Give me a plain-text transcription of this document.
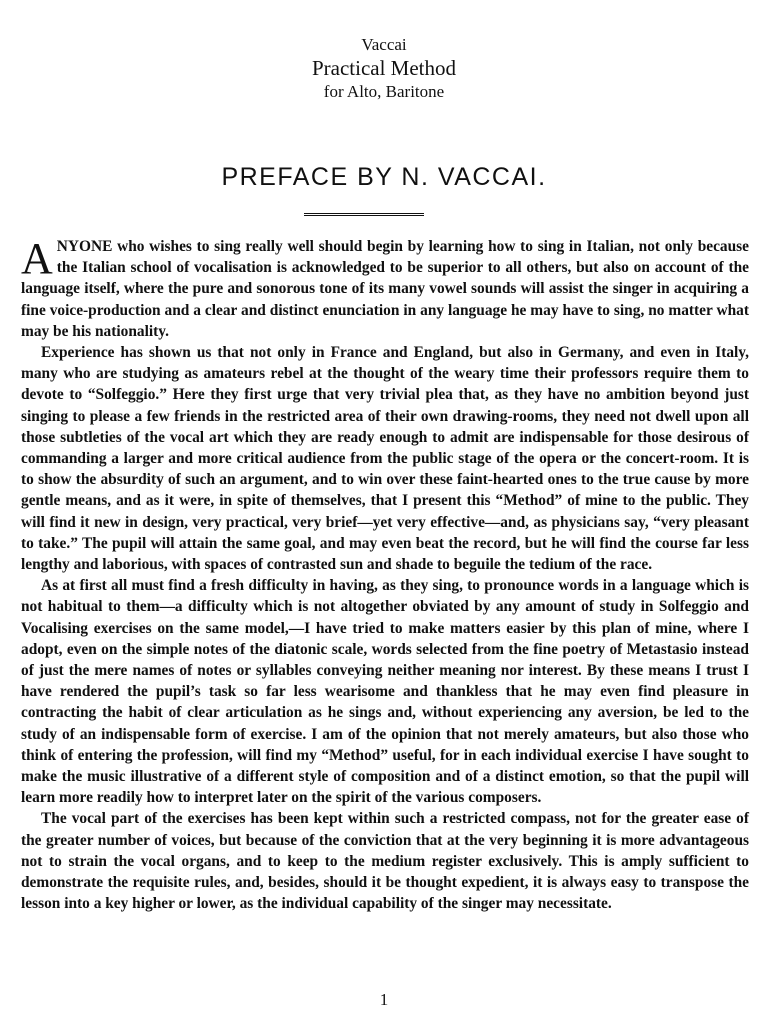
Vaccai
Practical Method
for Alto, Baritone
PREFACE BY N. VACCAI.

ANYONE who wishes to sing really well should begin by learning how to sing in Italian, not only because the Italian school of vocalisation is acknowledged to be superior to all others, but also on account of the language itself, where the pure and sonorous tone of its many vowel sounds will assist the singer in acquiring a fine voice-production and a clear and distinct enunciation in any language he may have to sing, no matter what may be his nationality.

Experience has shown us that not only in France and England, but also in Germany, and even in Italy, many who are studying as amateurs rebel at the thought of the weary time their professors require them to devote to “Solfeggio.” Here they first urge that very trivial plea that, as they have no ambition beyond just singing to please a few friends in the restricted area of their own drawing-rooms, they need not dwell upon all those subtleties of the vocal art which they are ready enough to admit are indispensable for those desirous of commanding a larger and more critical audience from the public stage of the opera or the concert-room. It is to show the absurdity of such an argument, and to win over these faint-hearted ones to the true cause by more gentle means, and as it were, in spite of themselves, that I present this “Method” of mine to the public. They will find it new in design, very practical, very brief—yet very effective—and, as physicians say, “very pleasant to take.” The pupil will attain the same goal, and may even beat the record, but he will find the course far less lengthy and laborious, with spaces of contrasted sun and shade to beguile the tedium of the race.

As at first all must find a fresh difficulty in having, as they sing, to pronounce words in a language which is not habitual to them—a difficulty which is not altogether obviated by any amount of study in Solfeggio and Vocalising exercises on the same model,—I have tried to make matters easier by this plan of mine, where I adopt, even on the simple notes of the diatonic scale, words selected from the fine poetry of Metastasio instead of just the mere names of notes or syllables conveying neither meaning nor interest. By these means I trust I have rendered the pupil’s task so far less wearisome and thankless that he may even find pleasure in contracting the habit of clear articulation as he sings and, without experiencing any aversion, be led to the study of an indispensable form of exercise. I am of the opinion that not merely amateurs, but also those who think of entering the profession, will find my “Method” useful, for in each individual exercise I have sought to make the music illustrative of a different style of composition and of a distinct emotion, so that the pupil will learn more readily how to interpret later on the spirit of the various composers.

The vocal part of the exercises has been kept within such a restricted compass, not for the greater ease of the greater number of voices, but because of the conviction that at the very beginning it is more advantageous not to strain the vocal organs, and to keep to the medium register exclusively. This is amply sufficient to demonstrate the requisite rules, and, besides, should it be thought expedient, it is always easy to transpose the lesson into a key higher or lower, as the individual capability of the singer may necessitate.

1
